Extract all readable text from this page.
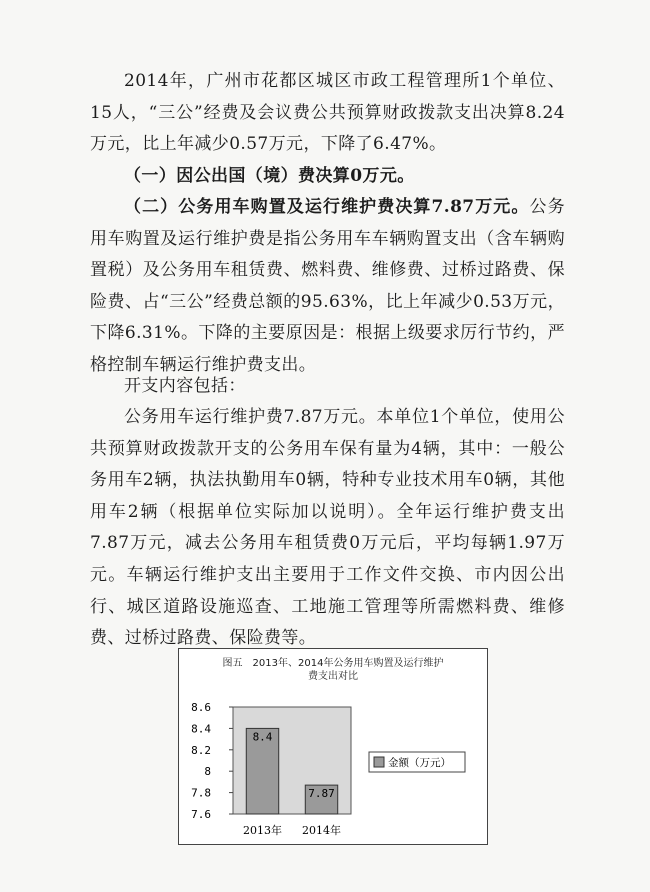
2014年，广州市花都区城区市政工程管理所1个单位、15人，“三公”经费及会议费公共预算财政拨款支出决算8.24万元，比上年减少0.57万元，下降了6.47%。

（一）因公出国（境）费决算0万元。

（二）公务用车购置及运行维护费决算7.87万元。公务用车购置及运行维护费是指公务用车车辆购置支出（含车辆购置税）及公务用车租赁费、燃料费、维修费、过桥过路费、保险费、占“三公”经费总额的95.63%，比上年减少0.53万元，下降6.31%。下降的主要原因是：根据上级要求厉行节约，严格控制车辆运行维护费支出。

开支内容包括：

公务用车运行维护费7.87万元。本单位1个单位，使用公共预算财政拨款开支的公务用车保有量为4辆，其中：一般公务用车2辆，执法执勤用车0辆，特种专业技术用车0辆，其他用车2辆（根据单位实际加以说明）。全年运行维护费支出7.87万元，减去公务用车租赁费0万元后，平均每辆1.97万元。车辆运行维护支出主要用于工作文件交换、市内因公出行、城区道路设施巡查、工地施工管理等所需燃料费、维修费、过桥过路费、保险费等。

图五　2013年、2014年公务用车购置及运行维护
费支出对比
8.6
8.4
8.2
8
7.8
7.6
8.4
2013年
7.87
2014年
金额（万元）
